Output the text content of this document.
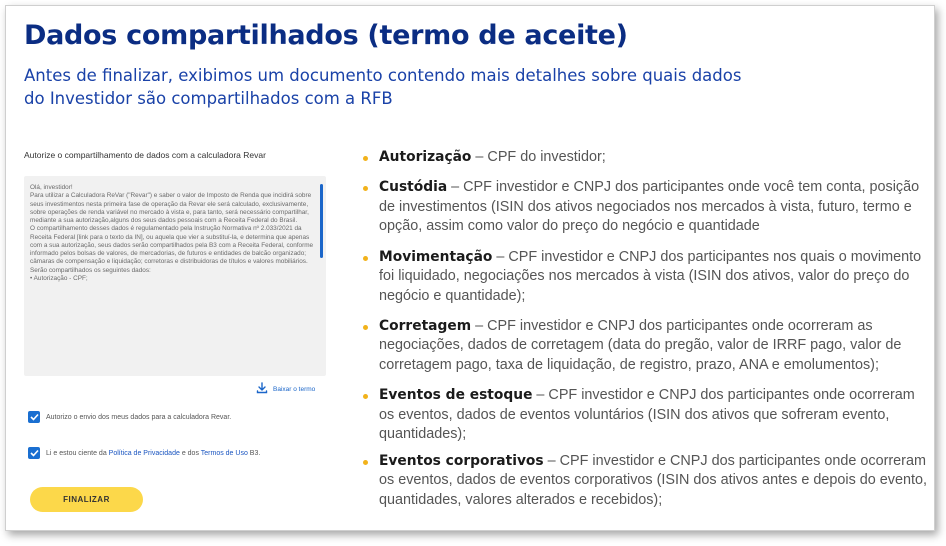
Dados compartilhados (termo de aceite)
Antes de finalizar, exibimos um documento contendo mais detalhes sobre quais dados do Investidor são compartilhados com a RFB
Autorize o compartilhamento de dados com a calculadora Revar
Olá, investidor!
Para utilizar a Calculadora ReVar ("Revar") e saber o valor de Imposto de Renda que incidirá sobre seus investimentos nesta primeira fase de operação da Revar ele será calculado, exclusivamente, sobre operações de renda variável no mercado à vista e, para tanto, será necessário compartilhar, mediante a sua autorização,alguns dos seus dados pessoais com a Receita Federal do Brasil.
O compartilhamento desses dados é regulamentado pela Instrução Normativa nº 2.033/2021 da Receita Federal [link para o texto da IN], ou aquela que vier a substituí-la, e determina que apenas com a sua autorização, seus dados serão compartilhados pela B3 com a Receita Federal, conforme informado pelos bolsas de valores, de mercadorias, de futuros e entidades de balcão organizado; câmaras de compensação e liquidação; corretoras e distribuidoras de títulos e valores mobiliários.
Serão compartilhados os seguintes dados:
• Autorização - CPF;
Baixar o termo
Autorizo o envio dos meus dados para a calculadora Revar.
Li e estou ciente da Política de Privacidade e dos Termos de Uso B3.
FINALIZAR
Autorização – CPF do investidor;
Custódia – CPF investidor e CNPJ dos participantes onde você tem conta, posição de investimentos (ISIN dos ativos negociados nos mercados à vista, futuro, termo e opção, assim como valor do preço do negócio e quantidade
Movimentação – CPF investidor e CNPJ dos participantes nos quais o movimento foi liquidado, negociações nos mercados à vista (ISIN dos ativos, valor do preço do negócio e quantidade);
Corretagem – CPF investidor e CNPJ dos participantes onde ocorreram as negociações, dados de corretagem (data do pregão, valor de IRRF pago, valor de corretagem pago, taxa de liquidação, de registro, prazo, ANA e emolumentos);
Eventos de estoque – CPF investidor e CNPJ dos participantes onde ocorreram os eventos, dados de eventos voluntários (ISIN dos ativos que sofreram evento, quantidades);
Eventos corporativos – CPF investidor e CNPJ dos participantes onde ocorreram os eventos, dados de eventos corporativos (ISIN dos ativos antes e depois do evento, quantidades, valores alterados e recebidos);
